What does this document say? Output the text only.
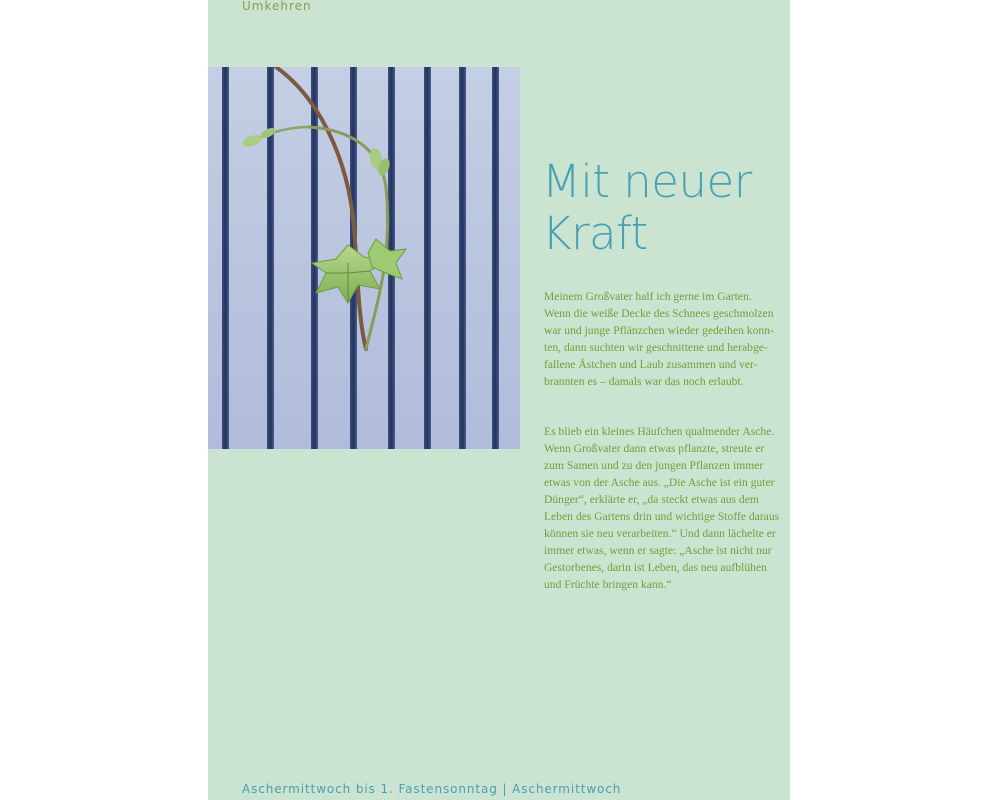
Umkehren
Mit neuer
Kraft
Meinem Großvater half ich gerne im Garten.
Wenn die weiße Decke des Schnees geschmolzen
war und junge Pflänzchen wieder gedeihen konn-
ten, dann suchten wir geschnittene und herabge-
fallene Ästchen und Laub zusammen und ver-
brannten es – damals war das noch erlaubt.
Es blieb ein kleines Häufchen qualmender Asche.
Wenn Großvater dann etwas pflanzte, streute er
zum Samen und zu den jungen Pflanzen immer
etwas von der Asche aus. „Die Asche ist ein guter
Dünger“, erklärte er, „da steckt etwas aus dem
Leben des Gartens drin und wichtige Stoffe daraus
können sie neu verarbeiten.“ Und dann lächelte er
immer etwas, wenn er sagte: „Asche ist nicht nur
Gestorbenes, darin ist Leben, das neu aufblühen
und Früchte bringen kann.“
Aschermittwoch bis 1. Fastensonntag | Aschermittwoch
